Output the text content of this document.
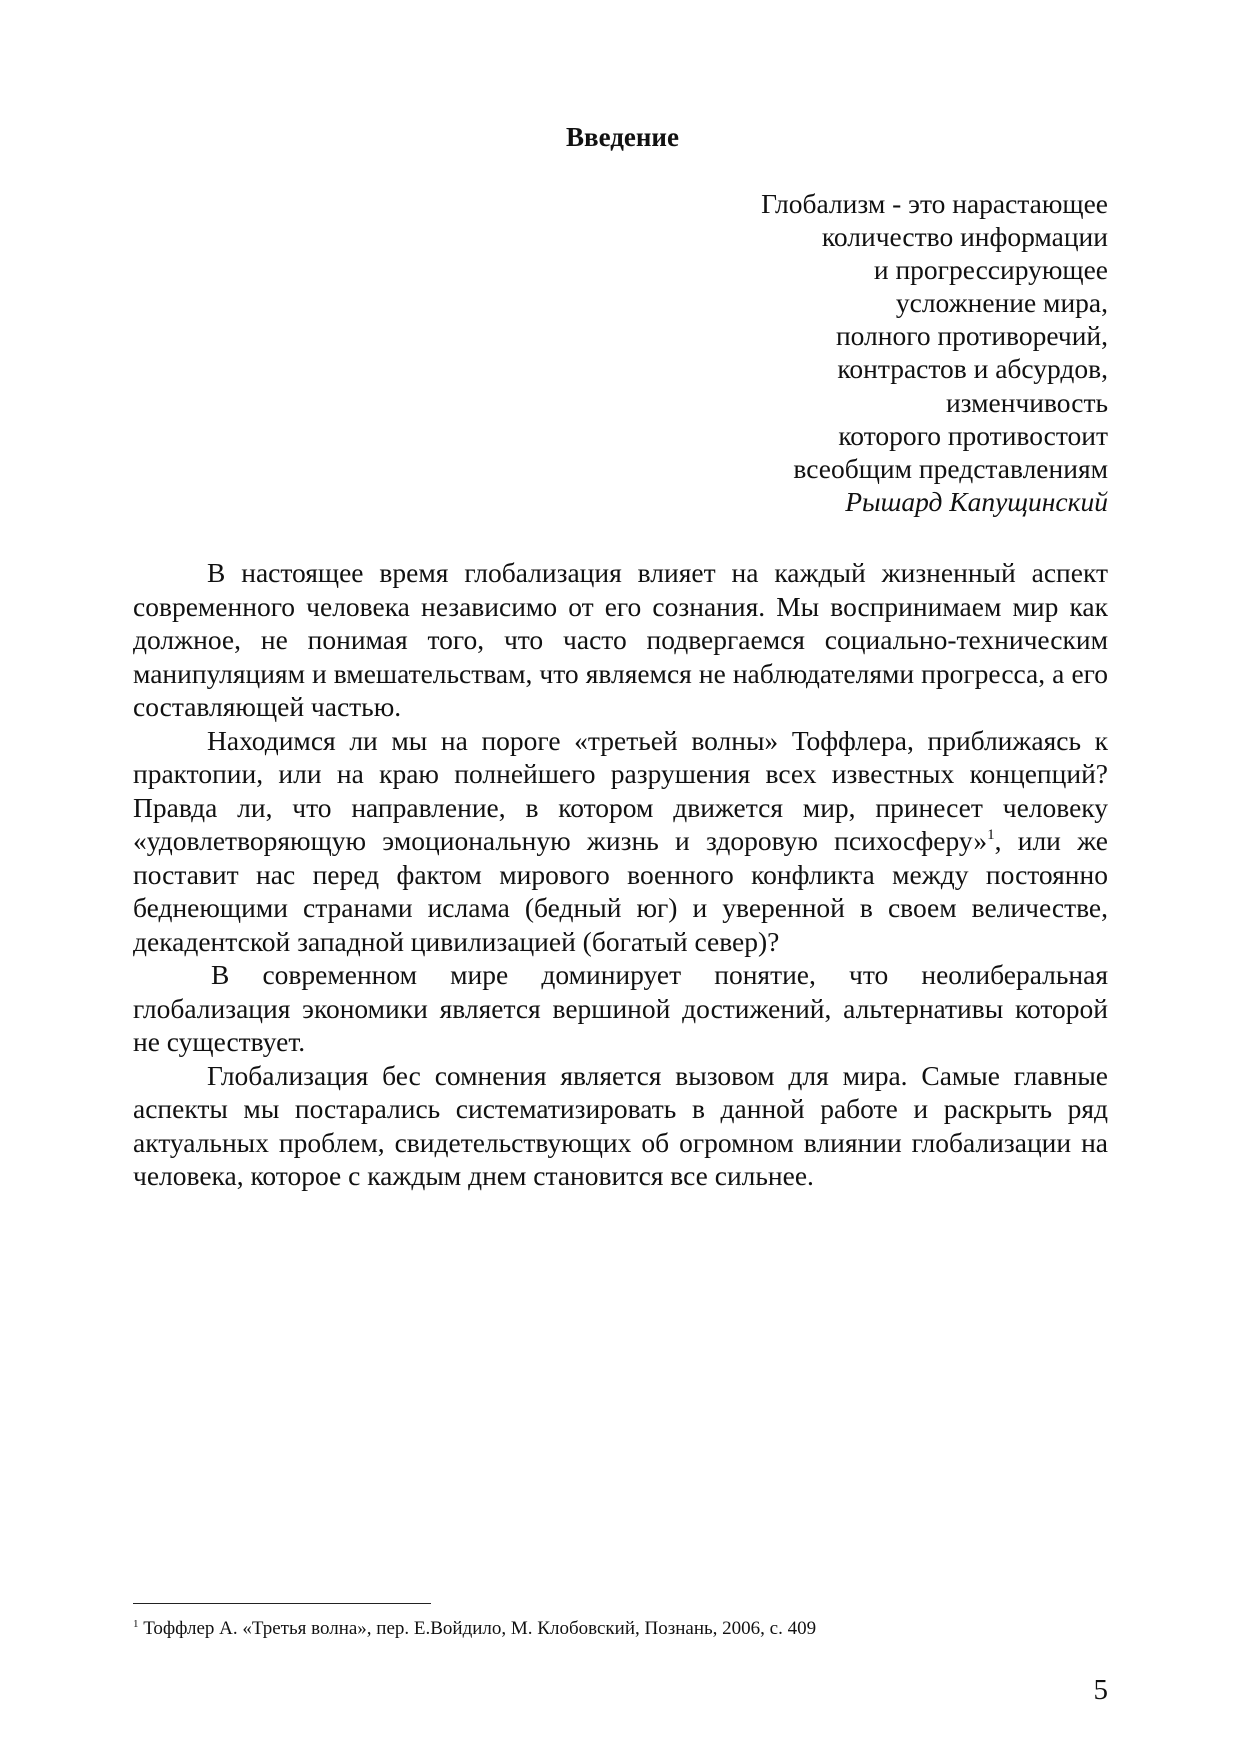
Введение
Глобализм - это нарастающее
количество информации
и прогрессирующее
усложнение мира,
полного противоречий,
контрастов и абсурдов,
изменчивость
которого противостоит
всеобщим представлениям
Рышард Капущинский

В настоящее время глобализация влияет на каждый жизненный аспект современного человека независимо от его сознания. Мы воспринимаем мир как должное, не понимая того, что часто подвергаемся социально-техническим манипуляциям и вмешательствам, что являемся не наблюдателями прогресса, а его составляющей частью.

Находимся ли мы на пороге «третьей волны» Тоффлера, приближаясь к практопии, или на краю полнейшего разрушения всех известных концепций? Правда ли, что направление, в котором движется мир, принесет человеку «удовлетворяющую эмоциональную жизнь и здоровую психосферу»$^1$, или же поставит нас перед фактом мирового военного конфликта между постоянно беднеющими странами ислама (бедный юг) и уверенной в своем величестве, декадентской западной цивилизацией (богатый север)?

В современном мире доминирует понятие, что неолиберальная глобализация экономики является вершиной достижений, альтернативы которой не существует.

Глобализация бес сомнения является вызовом для мира. Самые главные аспекты мы постарались систематизировать в данной работе и раскрыть ряд актуальных проблем, свидетельствующих об огромном влиянии глобализации на человека, которое с каждым днем становится все сильнее.

$^1$ Тоффлер А. «Третья волна», пер. Е.Войдило, М. Клобовский, Познань, 2006, с. 409
5
